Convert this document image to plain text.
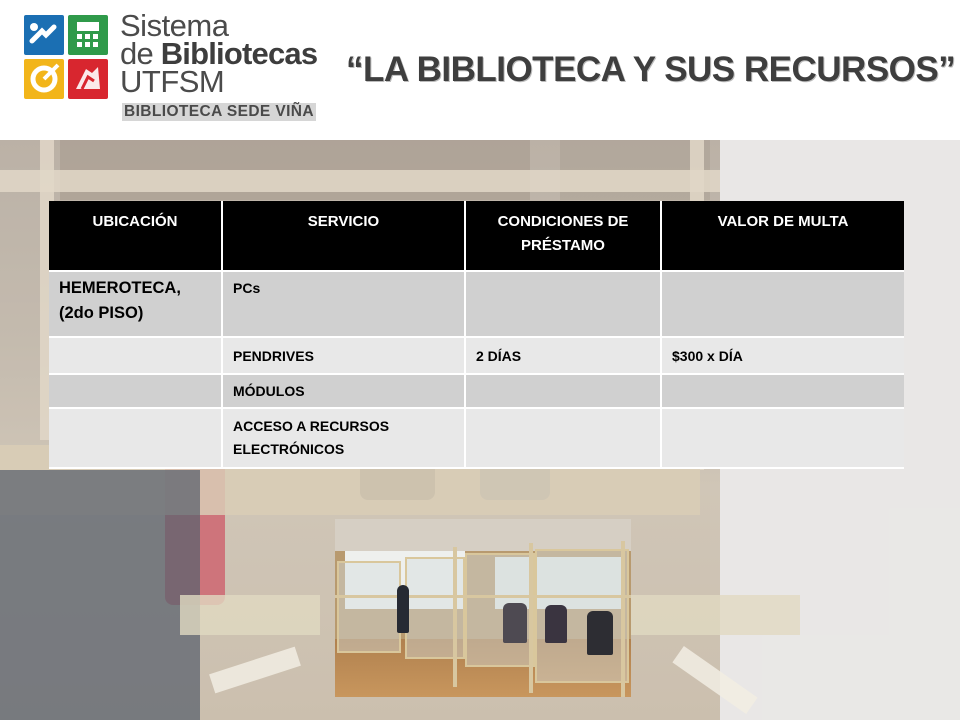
Sistema
de Bibliotecas
UTFSM
BIBLIOTECA SEDE VIÑA
“LA BIBLIOTECA Y SUS RECURSOS”
UBICACIÓN	SERVICIO	CONDICIONES DE PRÉSTAMO	VALOR DE MULTA
HEMEROTECA, (2do PISO)	PCs		
	PENDRIVES	2 DÍAS	$300 x DÍA
	MÓDULOS		
	ACCESO A RECURSOS ELECTRÓNICOS		
